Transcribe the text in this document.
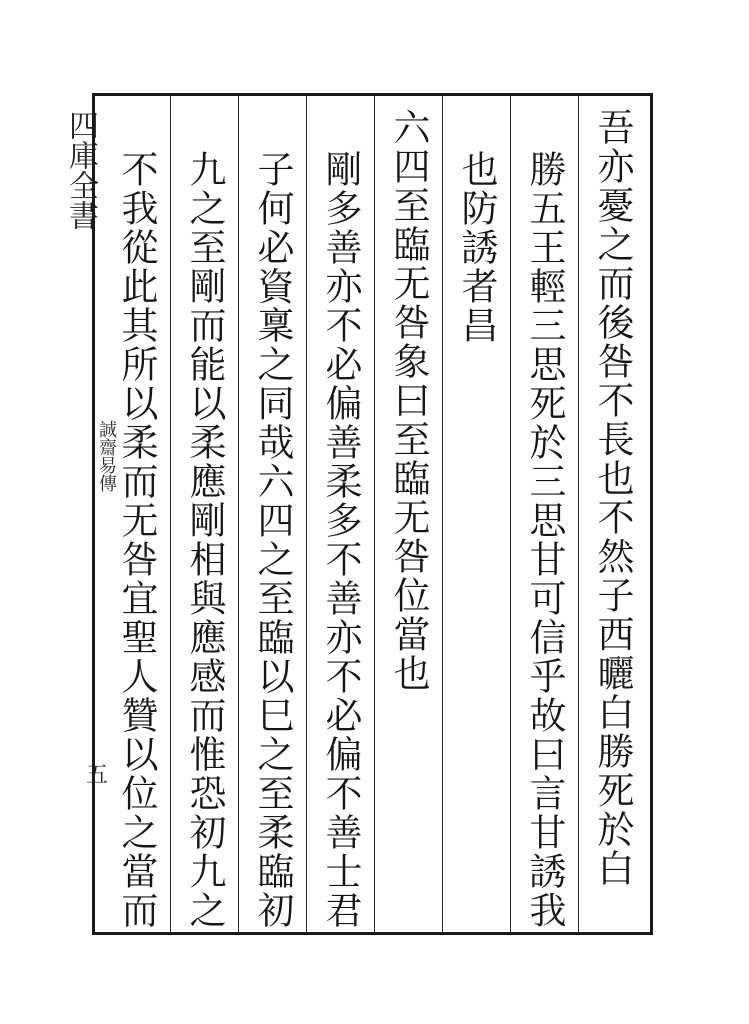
四庫全書
誠齋易傳
五	吾亦憂之而後咎不長也不然子西曬白勝死於白
勝五王輕三思死於三思甘可信乎故曰言甘誘我
也防誘者昌
六四至臨无咎象曰至臨无咎位當也
剛多善亦不必偏善柔多不善亦不必偏不善士君
子何必資稟之同哉六四之至臨以巳之至柔臨初
九之至剛而能以柔應剛相與應感而惟恐初九之
不我從此其所以柔而无咎宜聖人贊以位之當而
